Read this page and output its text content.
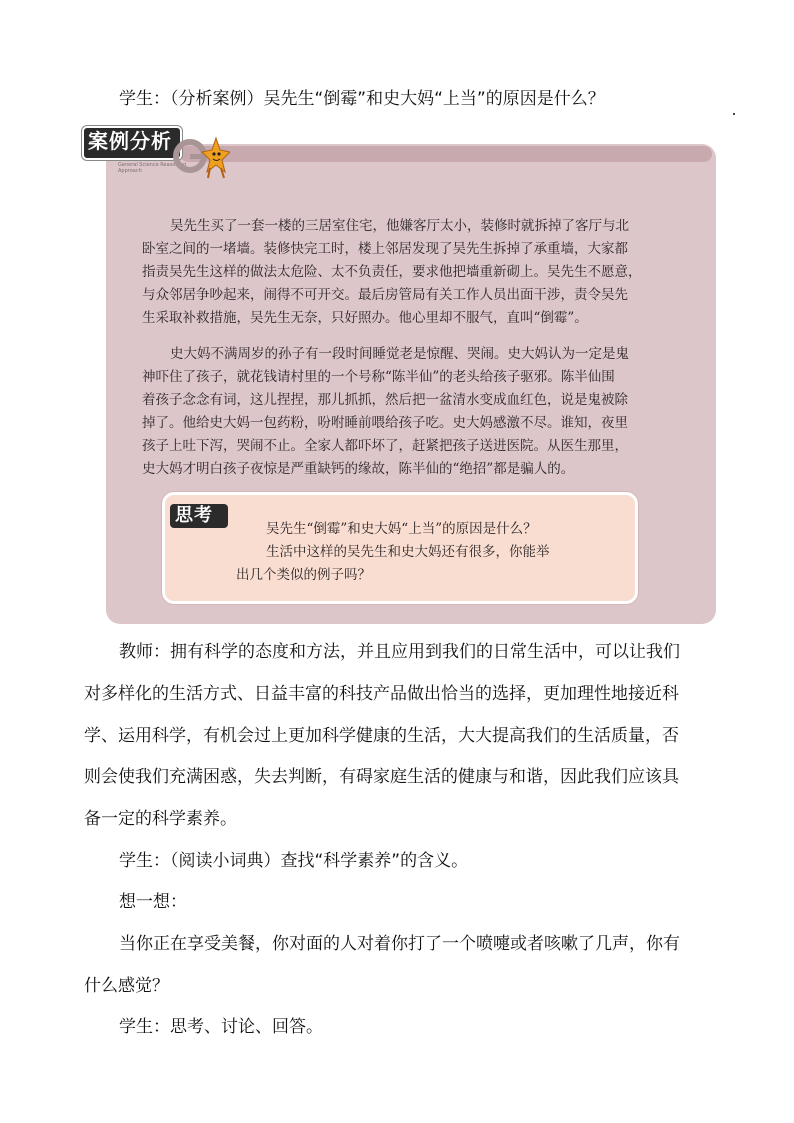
学生：（分析案例）吴先生“倒霉”和史大妈“上当”的原因是什么？
案例分析
General Science Reasoning Approach
吴先生买了一套一楼的三居室住宅，他嫌客厅太小，装修时就拆掉了客厅与北
卧室之间的一堵墙。装修快完工时，楼上邻居发现了吴先生拆掉了承重墙，大家都
指责吴先生这样的做法太危险、太不负责任，要求他把墙重新砌上。吴先生不愿意，
与众邻居争吵起来，闹得不可开交。最后房管局有关工作人员出面干涉，责令吴先
生采取补救措施，吴先生无奈，只好照办。他心里却不服气，直叫“倒霉”。
史大妈不满周岁的孙子有一段时间睡觉老是惊醒、哭闹。史大妈认为一定是鬼
神吓住了孩子，就花钱请村里的一个号称“陈半仙”的老头给孩子驱邪。陈半仙围
着孩子念念有词，这儿捏捏，那儿抓抓，然后把一盆清水变成血红色，说是鬼被除
掉了。他给史大妈一包药粉，吩咐睡前喂给孩子吃。史大妈感激不尽。谁知，夜里
孩子上吐下泻，哭闹不止。全家人都吓坏了，赶紧把孩子送进医院。从医生那里，
史大妈才明白孩子夜惊是严重缺钙的缘故，陈半仙的“绝招”都是骗人的。
思考
吴先生“倒霉”和史大妈“上当”的原因是什么？
生活中这样的吴先生和史大妈还有很多，你能举
出几个类似的例子吗？
教师：拥有科学的态度和方法，并且应用到我们的日常生活中，可以让我们
对多样化的生活方式、日益丰富的科技产品做出恰当的选择，更加理性地接近科
学、运用科学，有机会过上更加科学健康的生活，大大提高我们的生活质量，否
则会使我们充满困惑，失去判断，有碍家庭生活的健康与和谐，因此我们应该具
备一定的科学素养。
学生：（阅读小词典）查找“科学素养”的含义。
想一想：
当你正在享受美餐，你对面的人对着你打了一个喷嚏或者咳嗽了几声，你有
什么感觉？
学生：思考、讨论、回答。
